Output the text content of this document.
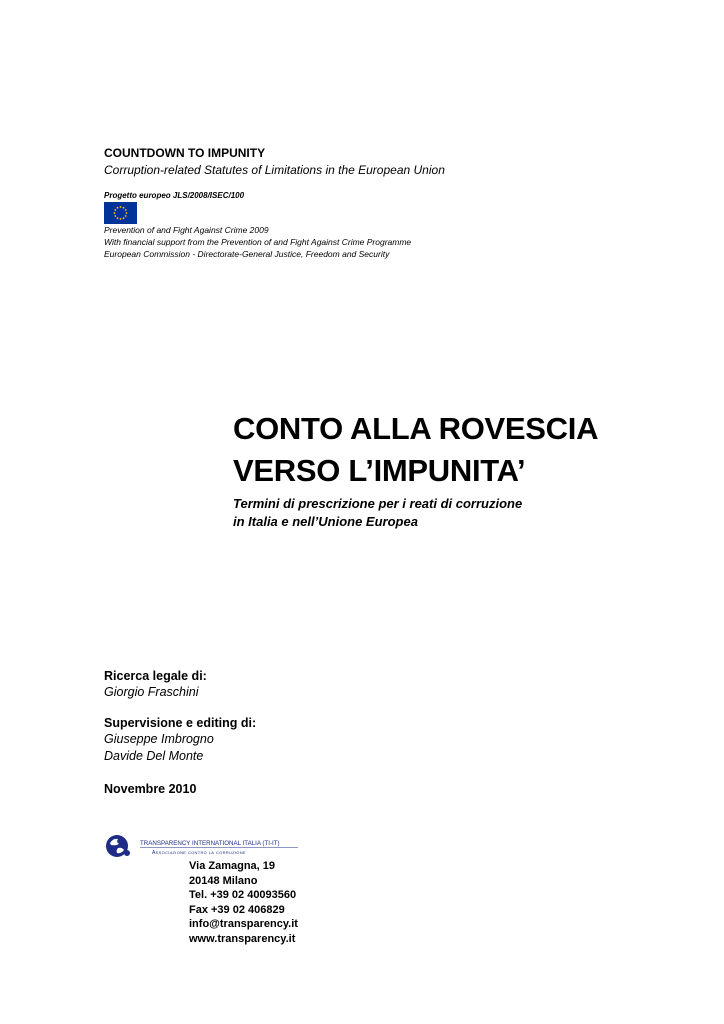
COUNTDOWN TO IMPUNITY
Corruption-related Statutes of Limitations in the European Union
Progetto europeo JLS/2008/ISEC/100
Prevention of and Fight Against Crime 2009
With financial support from the Prevention of and Fight Against Crime Programme
European Commission - Directorate-General Justice, Freedom and Security
CONTO ALLA ROVESCIA
VERSO L’IMPUNITA’
Termini di prescrizione per i reati di corruzione
in Italia e nell’Unione Europea
Ricerca legale di:
Giorgio Fraschini
Supervisione e editing di:
Giuseppe Imbrogno
Davide Del Monte
Novembre 2010
TRANSPARENCY INTERNATIONAL ITALIA (TI-IT)
Associazione contro la corruzione
Via Zamagna, 19
20148 Milano
Tel. +39 02 40093560
Fax +39 02 406829
info@transparency.it
www.transparency.it
